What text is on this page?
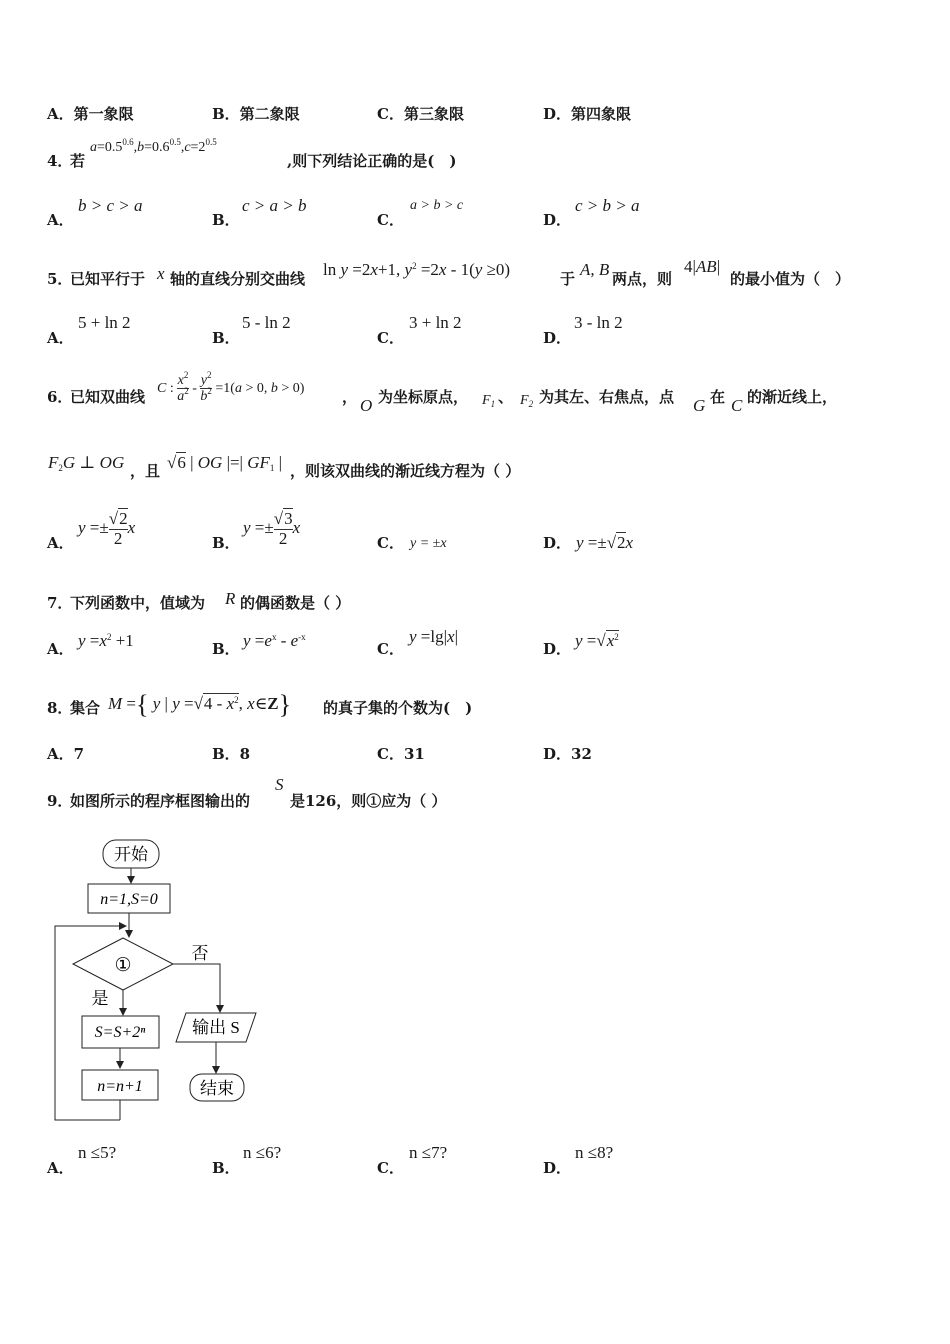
A．第一象限	B．第二象限	C．第三象限	D．第四象限
4．
若
$a=0.5^{0.6},b=0.6^{0.5},c=2^{0.5}$
,则下列结论正确的是(　)
A．
b > c > a
B．
c > a > b
C．
a > b > c
D．
c > b > a
5．
已知平行于 x 轴的直线分别交曲线 ln y =2x+1, $y^2 =2x - 1(y \ge 0)$	于 A, B 两点，则
4|AB|
的最小值为（　）
A．
5 + ln 2
B．
5 - ln 2
C．
3 + ln 2
D．
3 - ln 2
6．
已知双曲线 C : $\frac{x^2}{a^2} - \frac{y^2}{b^2} =1(a > 0$, b > 0)	， O 为坐标原点， $F_1$ 、 $F_2$ 为其左、右焦点，点 G 在 C 的渐近线上，
$F_2G$ ⊥ OG ，且 √6 | OG |=| $GF_1$ | ，则该双曲线的渐近线方程为（ ）
A．
$y =\pm \frac{√2}{2}$ x
B．
$y =\pm \frac{√3}{2}$ x
C． y = ±x	D． y =±√2x
7．
下列函数中，值域为 R 的偶函数是（ ）
A． $y =x^2 +1$	B． $y =e^x - e^{-x}$
C．
y =lg|x|
D． $y =√x^2$
8．
集合 M ={ y | $y =√4 - x^2$, x∈Z} 的真子集的个数为(　)
A．7	B．8	C．31	D．32
9．
如图所示的程序框图输出的
S
是126，则①应为（ ）
开始
n=1,S=0
①
否
输出 S
结束
是
S=S+2ⁿ
n=n+1
A．
n ≤5?
B．
n ≤6?
C．
n ≤7?
D．
n ≤8?
